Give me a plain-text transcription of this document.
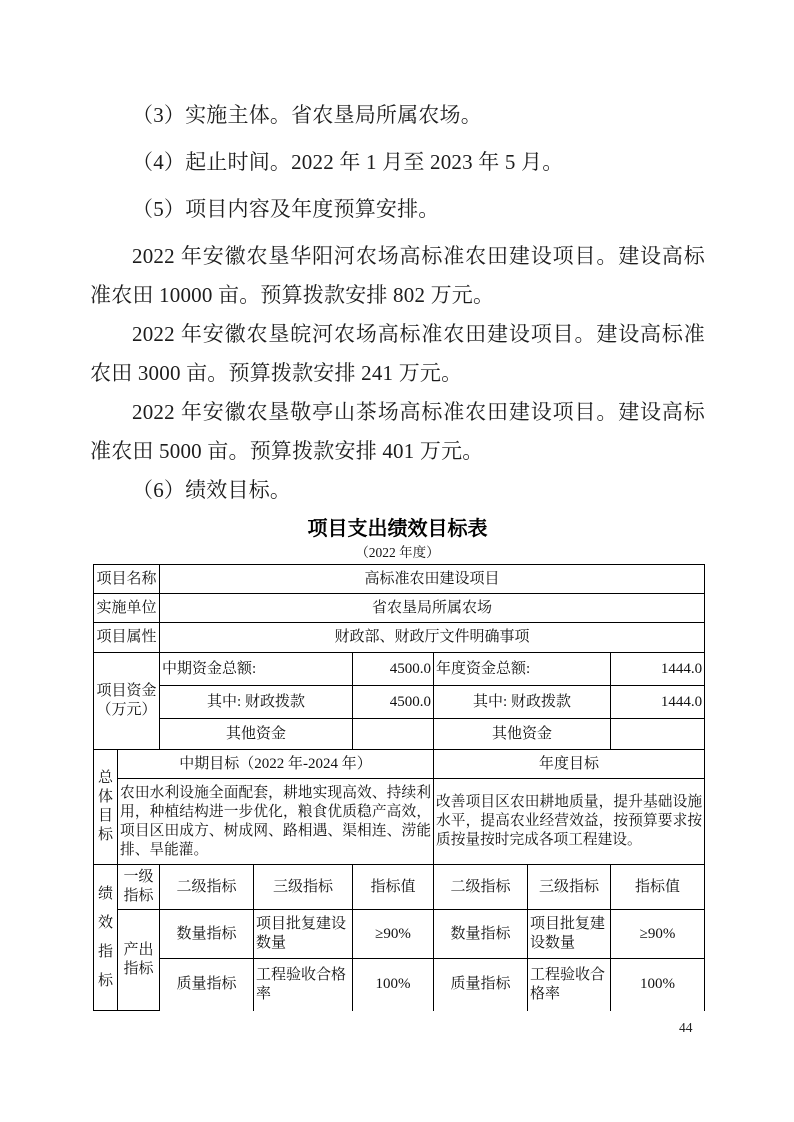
（3）实施主体。省农垦局所属农场。

（4）起止时间。2022 年 1 月至 2023 年 5 月。

（5）项目内容及年度预算安排。

2022 年安徽农垦华阳河农场高标准农田建设项目。建设高标准农田 10000 亩。预算拨款安排 802 万元。

2022 年安徽农垦皖河农场高标准农田建设项目。建设高标准农田 3000 亩。预算拨款安排 241 万元。

2022 年安徽农垦敬亭山茶场高标准农田建设项目。建设高标准农田 5000 亩。预算拨款安排 401 万元。

（6）绩效目标。

项目支出绩效目标表
（2022 年度）
项目名称		高标准农田建设项目					
实施单位		省农垦局所属农场					
项目属性		财政部、财政厅文件明确事项					
项目资金（万元）		中期资金总额:		4500.0	年度资金总额:		1444.0
		其中: 财政拨款		4500.0	其中: 财政拨款		1444.0
		其他资金			其他资金		
总体目标	中期目标（2022 年-2024 年）				年度目标		
	农田水利设施全面配套，耕地实现高效、持续利用，种植结构进一步优化，粮食优质稳产高效，项目区田成方、树成网、路相遇、渠相连、涝能排、旱能灌。				改善项目区农田耕地质量，提升基础设施水平，提高农业经营效益，按预算要求按质按量按时完成各项工程建设。		
绩效指标	一级指标	二级指标	三级指标	指标值	二级指标	三级指标	指标值
	产出指标	数量指标	项目批复建设数量	≥90%	数量指标	项目批复建设数量	≥90%
		质量指标	工程验收合格率	100%	质量指标	工程验收合格率	100%
44
